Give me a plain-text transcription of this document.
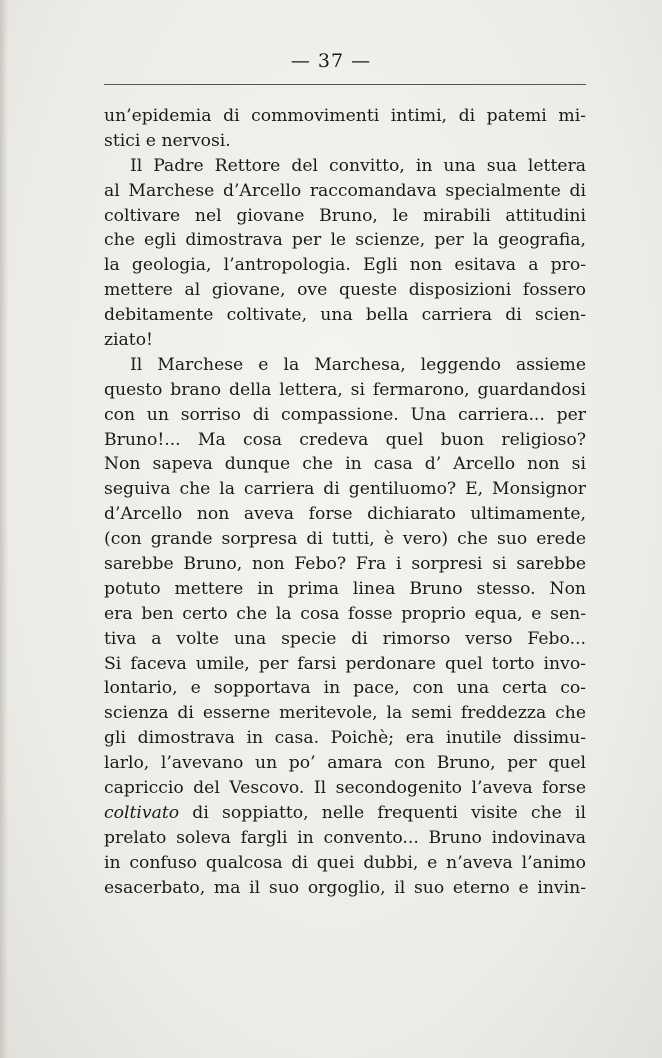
— 37 —

un’epidemia di commovimenti intimi, di patemi mi-
stici e nervosi.
Il Padre Rettore del convitto, in una sua lettera
al Marchese d’Arcello raccomandava specialmente di
coltivare nel giovane Bruno, le mirabili attitudini
che egli dimostrava per le scienze, per la geografia,
la geologia, l’antropologia. Egli non esitava a pro-
mettere al giovane, ove queste disposizioni fossero
debitamente coltivate, una bella carriera di scien-
ziato!
Il Marchese e la Marchesa, leggendo assieme
questo brano della lettera, si fermarono, guardandosi
con un sorriso di compassione. Una carriera... per
Bruno!... Ma cosa credeva quel buon religioso?
Non sapeva dunque che in casa d’ Arcello non si
seguiva che la carriera di gentiluomo? E, Monsignor
d’Arcello non aveva forse dichiarato ultimamente,
(con grande sorpresa di tutti, è vero) che suo erede
sarebbe Bruno, non Febo? Fra i sorpresi si sarebbe
potuto mettere in prima linea Bruno stesso. Non
era ben certo che la cosa fosse proprio equa, e sen-
tiva a volte una specie di rimorso verso Febo...
Si faceva umile, per farsi perdonare quel torto invo-
lontario, e sopportava in pace, con una certa co-
scienza di esserne meritevole, la semi freddezza che
gli dimostrava in casa. Poichè; era inutile dissimu-
larlo, l’avevano un po’ amara con Bruno, per quel
capriccio del Vescovo. Il secondogenito l’aveva forse
coltivato di soppiatto, nelle frequenti visite che il
prelato soleva fargli in convento... Bruno indovinava
in confuso qualcosa di quei dubbi, e n’aveva l’animo
esacerbato, ma il suo orgoglio, il suo eterno e invin-
